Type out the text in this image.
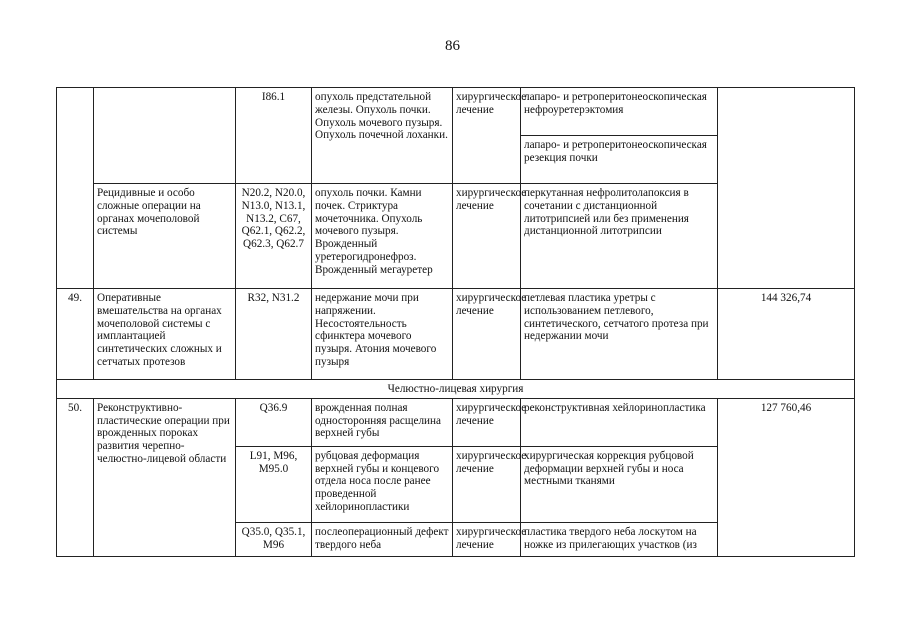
86
		I86.1	опухоль предстательной железы. Опухоль почки. Опухоль мочевого пузыря. Опухоль почечной лоханки.	хирургическое лечение	лапаро- и ретроперитонеоскопическая нефроуретерэктомия	
					лапаро- и ретроперитонеоскопическая резекция почки	
	Рецидивные и особо сложные операции на органах мочеполовой системы	N20.2, N20.0, N13.0, N13.1, N13.2, C67, Q62.1, Q62.2, Q62.3, Q62.7	опухоль почки. Камни почек. Стриктура мочеточника. Опухоль мочевого пузыря. Врожденный уретерогидронефроз. Врожденный мегауретер	хирургическое лечение	перкутанная нефролитолапоксия в сочетании с дистанционной литотрипсией или без применения дистанционной литотрипсии	
49.	Оперативные вмешательства на органах мочеполовой системы с имплантацией синтетических сложных и сетчатых протезов	R32, N31.2	недержание мочи при напряжении. Несостоятельность сфинктера мочевого пузыря. Атония мочевого пузыря	хирургическое лечение	петлевая пластика уретры с использованием петлевого, синтетического, сетчатого протеза при недержании мочи	144 326,74
Челюстно-лицевая хирургия						
50.	Реконструктивно-пластические операции при врожденных пороках развития черепно-челюстно-лицевой области	Q36.9	врожденная полная односторонняя расщелина верхней губы	хирургическое лечение	реконструктивная хейлоринопластика	127 760,46
		L91, M96, M95.0	рубцовая деформация верхней губы и концевого отдела носа после ранее проведенной хейлоринопластики	хирургическое лечение	хирургическая коррекция рубцовой деформации верхней губы и носа местными тканями	
		Q35.0, Q35.1, M96	послеоперационный дефект твердого неба	хирургическое лечение	пластика твердого неба лоскутом на ножке из прилегающих участков (из	
